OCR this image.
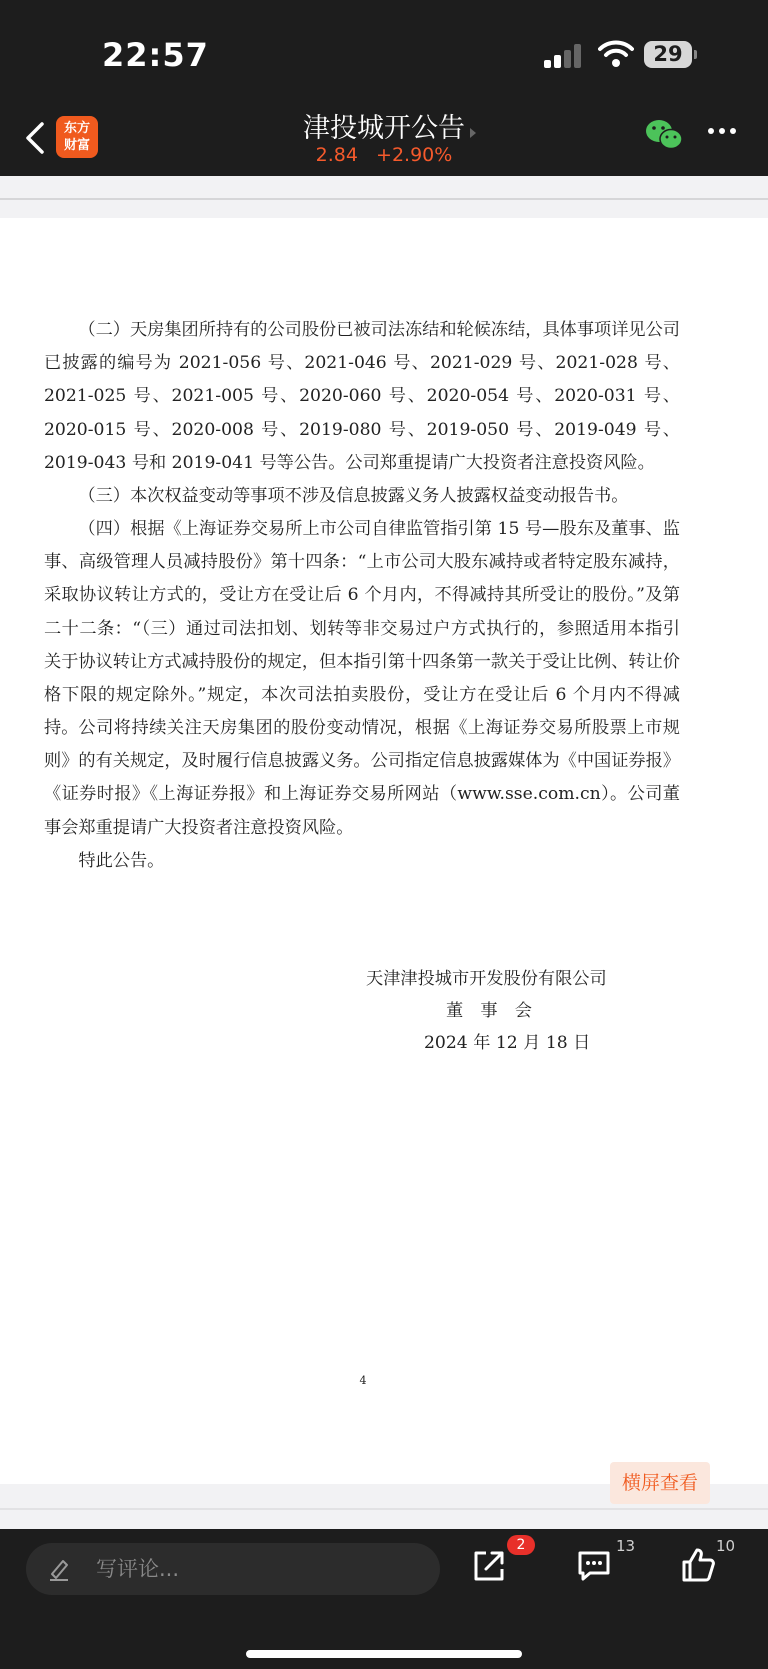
22:57	29
东方
财富
津投城开公告
2.84 +2.90%

（二）天房集团所持有的公司股份已被司法冻结和轮候冻结，具体事项详见公司已披露的编号为 2021-056 号、2021-046 号、2021-029 号、2021-028 号、2021-025 号、2021-005 号、2020-060 号、2020-054 号、2020-031 号、2020-015 号、2020-008 号、2019-080 号、2019-050 号、2019-049 号、2019-043 号和 2019-041 号等公告。公司郑重提请广大投资者注意投资风险。

（三）本次权益变动等事项不涉及信息披露义务人披露权益变动报告书。

（四）根据《上海证券交易所上市公司自律监管指引第 15 号—股东及董事、监事、高级管理人员减持股份》第十四条：“上市公司大股东减持或者特定股东减持，采取协议转让方式的，受让方在受让后 6 个月内，不得减持其所受让的股份。”及第二十二条：“（三）通过司法扣划、划转等非交易过户方式执行的，参照适用本指引关于协议转让方式减持股份的规定，但本指引第十四条第一款关于受让比例、转让价格下限的规定除外。”规定，本次司法拍卖股份，受让方在受让后 6 个月内不得减持。 公司将持续关注天房集团的股份变动情况，根据《上海证券交易所股票上市规则》的有关规定，及时履行信息披露义务。公司指定信息披露媒体为《中国证券报》《证券时报》《上海证券报》和上海证券交易所网站（www.sse.com.cn）。公司董事会郑重提请广大投资者注意投资风险。

特此公告。

天津津投城市开发股份有限公司
董　事　会
2024 年 12 月 18 日
4
横屏查看
写评论...
2	13	10
